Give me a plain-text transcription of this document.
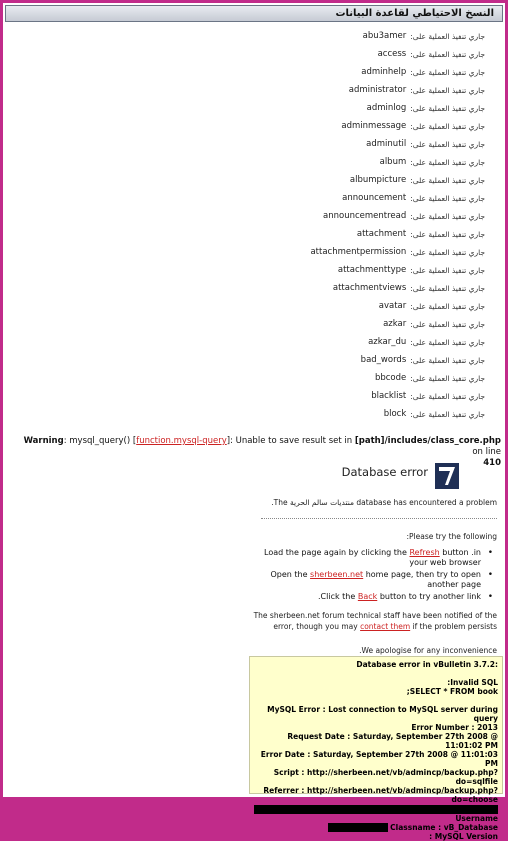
النسخ الاحتياطي لقاعدة البيانات
جاري تنفيذ العملية على:
abu3amer
جاري تنفيذ العملية على:
access
جاري تنفيذ العملية على:
adminhelp
جاري تنفيذ العملية على:
administrator
جاري تنفيذ العملية على:
adminlog
جاري تنفيذ العملية على:
adminmessage
جاري تنفيذ العملية على:
adminutil
جاري تنفيذ العملية على:
album
جاري تنفيذ العملية على:
albumpicture
جاري تنفيذ العملية على:
announcement
جاري تنفيذ العملية على:
announcementread
جاري تنفيذ العملية على:
attachment
جاري تنفيذ العملية على:
attachmentpermission
جاري تنفيذ العملية على:
attachmenttype
جاري تنفيذ العملية على:
attachmentviews
جاري تنفيذ العملية على:
avatar
جاري تنفيذ العملية على:
azkar
جاري تنفيذ العملية على:
azkar_du
جاري تنفيذ العملية على:
bad_words
جاري تنفيذ العملية على:
bbcode
جاري تنفيذ العملية على:
blacklist
جاري تنفيذ العملية على:
block
Warning: mysql_query() [function.mysql-query]: Unable to save result set in [path]/includes/class_core.php on line
410
Database error
.The منتديات سالم الحرية database has encountered a problem
:Please try the following
•
Load the page again by clicking the Refresh button .in your web browser
•
Open the sherbeen.net home page, then try to open another page
•
.Click the Back button to try another link
The sherbeen.net forum technical staff have been notified of the error, though you may contact them if the problem persists
.We apologise for any inconvenience
Database error in vBulletin 3.7.2:

:Invalid SQL
;SELECT * FROM book

MySQL Error : Lost connection to MySQL server during query
Error Number : 2013
Request Date : Saturday, September 27th 2008 @ 11:01:02 PM
Error Date : Saturday, September 27th 2008 @ 11:01:03 PM
Script : http://sherbeen.net/vb/admincp/backup.php?do=sqlfile
Referrer : http://sherbeen.net/vb/admincp/backup.php?do=choose
Username
Classname : vB_Database
: MySQL Version
